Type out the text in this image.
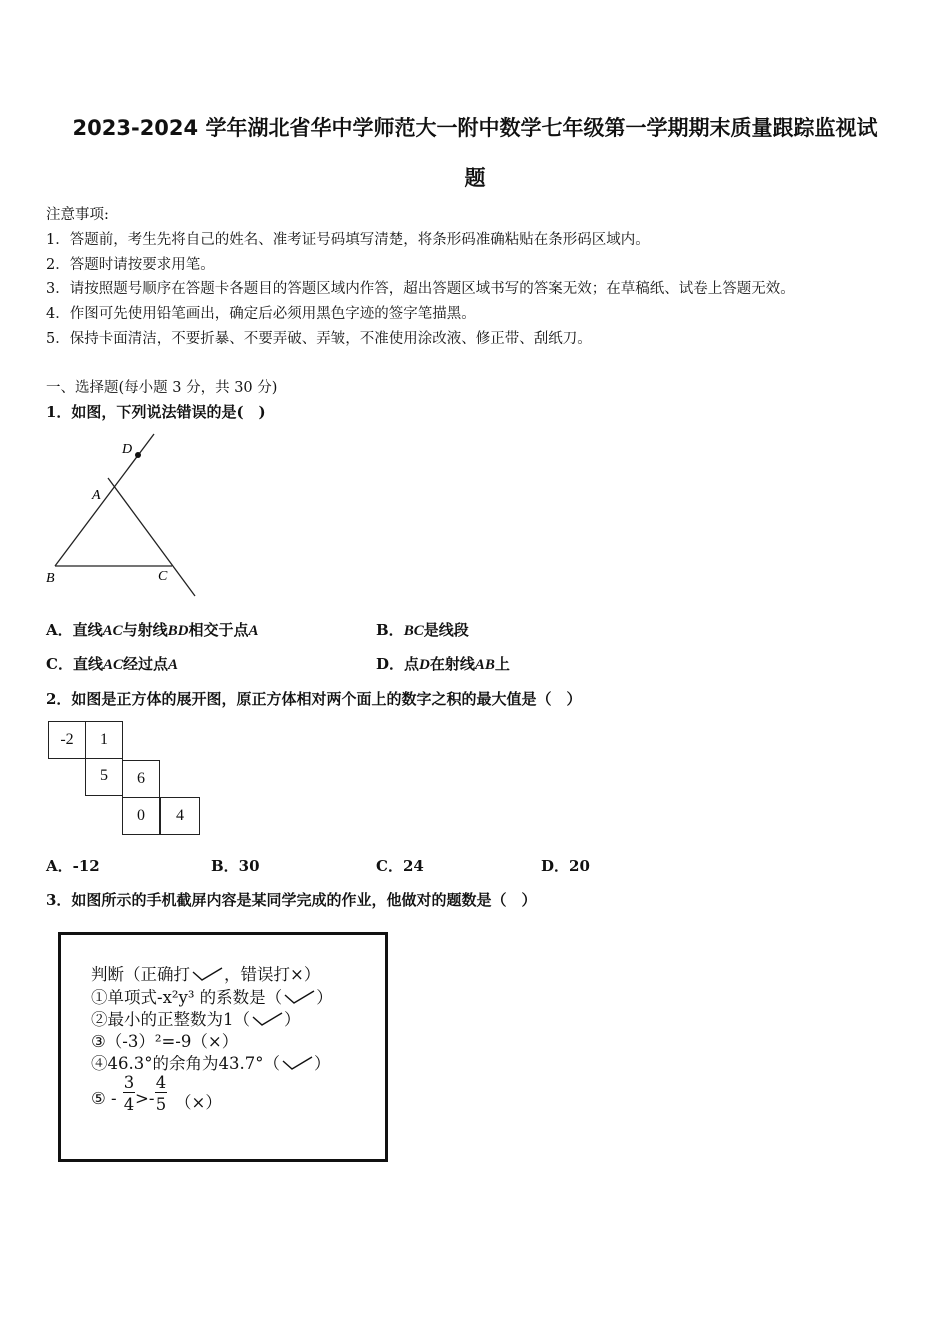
2023-2024 学年湖北省华中学师范大一附中数学七年级第一学期期末质量跟踪监视试
题
注意事项:
1．答题前，考生先将自己的姓名、准考证号码填写清楚，将条形码准确粘贴在条形码区域内。
2．答题时请按要求用笔。
3．请按照题号顺序在答题卡各题目的答题区域内作答，超出答题区域书写的答案无效；在草稿纸、试卷上答题无效。
4．作图可先使用铅笔画出，确定后必须用黑色字迹的签字笔描黑。
5．保持卡面清洁，不要折暴、不要弄破、弄皱，不准使用涂改液、修正带、刮纸刀。
一、选择题(每小题 3 分，共 30 分)
1．如图，下列说法错误的是(　)
D
A
B	C
A．直线AC与射线BD相交于点A	B．BC是线段
C．直线AC经过点A	D．点D在射线AB上
2．如图是正方体的展开图，原正方体相对两个面上的数字之积的最大值是（　）
-2	1
5	6
0	4
A．-12	B．30	C．24	D．20
3．如图所示的手机截屏内容是某同学完成的作业，他做对的题数是（　）
判断（正确打 ，错误打×）
①单项式-x²y³ 的系数是（ ）
②最小的正整数为1（ ）
③（-3）²=-9（×）
④46.3°的余角为43.7°（ ）
⑤ -
3
4 >-
4
5 （×）
